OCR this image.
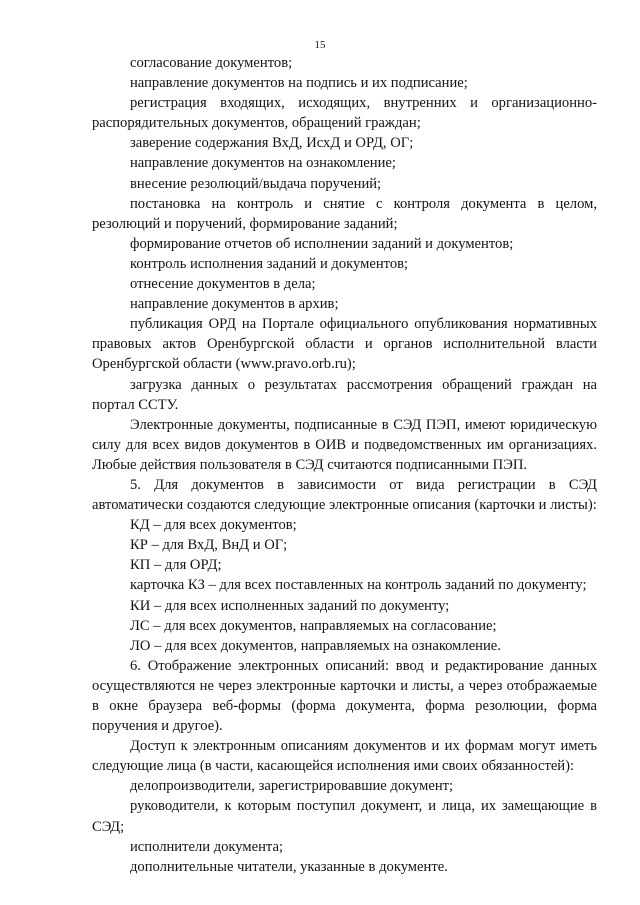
15

согласование документов;

направление документов на подпись и их подписание;

регистрация входящих, исходящих, внутренних и организационно-распорядительных документов, обращений граждан;

заверение содержания ВхД, ИсхД и ОРД, ОГ;

направление документов на ознакомление;

внесение резолюций/выдача поручений;

постановка на контроль и снятие с контроля документа в целом, резолюций и поручений, формирование заданий;

формирование отчетов об исполнении заданий и документов;

контроль исполнения заданий и документов;

отнесение документов в дела;

направление документов в архив;

публикация ОРД на Портале официального опубликования нормативных правовых актов Оренбургской области и органов исполнительной власти Оренбургской области (www.pravo.orb.ru);

загрузка данных о результатах рассмотрения обращений граждан на портал ССТУ.

Электронные документы, подписанные в СЭД ПЭП, имеют юридическую силу для всех видов документов в ОИВ и подведомственных им организациях. Любые действия пользователя в СЭД считаются подписанными ПЭП.

5. Для документов в зависимости от вида регистрации в СЭД автоматически создаются следующие электронные описания (карточки и листы):

КД – для всех документов;

КР – для ВхД, ВнД и ОГ;

КП – для ОРД;

карточка КЗ – для всех поставленных на контроль заданий по документу;

КИ – для всех исполненных заданий по документу;

ЛС – для всех документов, направляемых на согласование;

ЛО – для всех документов, направляемых на ознакомление.

6. Отображение электронных описаний: ввод и редактирование данных осуществляются не через электронные карточки и листы, а через отображаемые в окне браузера веб-формы (форма документа, форма резолюции, форма поручения и другое).

Доступ к электронным описаниям документов и их формам могут иметь следующие лица (в части, касающейся исполнения ими своих обязанностей):

делопроизводители, зарегистрировавшие документ;

руководители, к которым поступил документ, и лица, их замещающие в СЭД;

исполнители документа;

дополнительные читатели, указанные в документе.
